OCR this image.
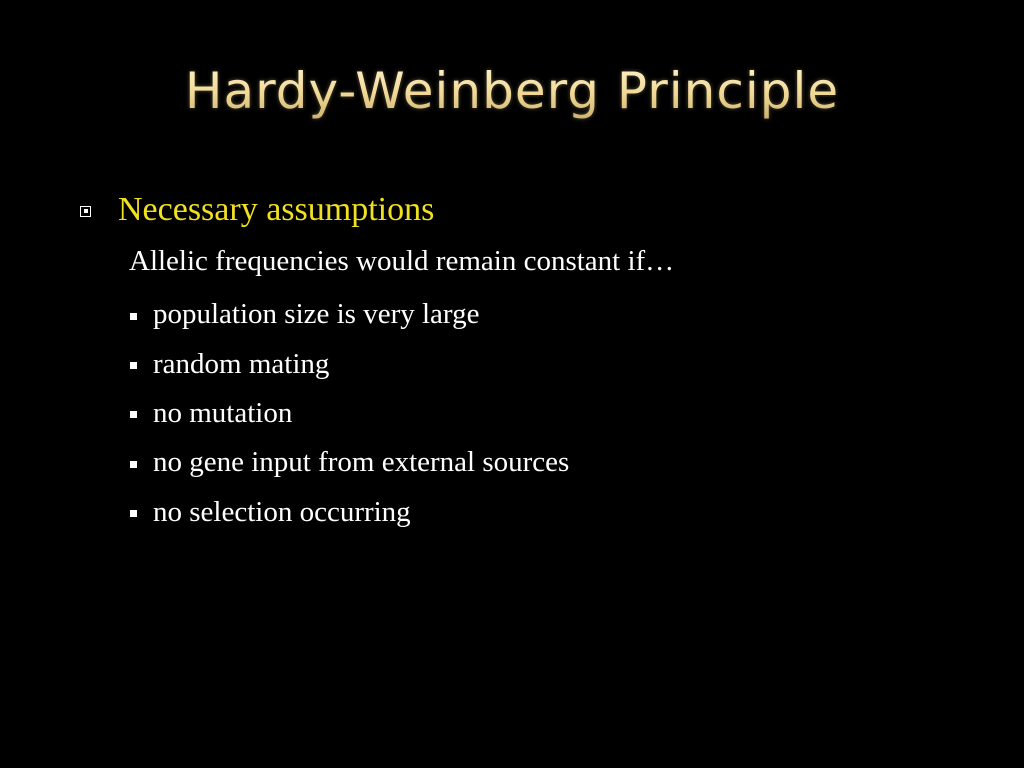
Hardy-Weinberg Principle
Necessary assumptions
Allelic frequencies would remain constant if…
population size is very large
random mating
no mutation
no gene input from external sources
no selection occurring
